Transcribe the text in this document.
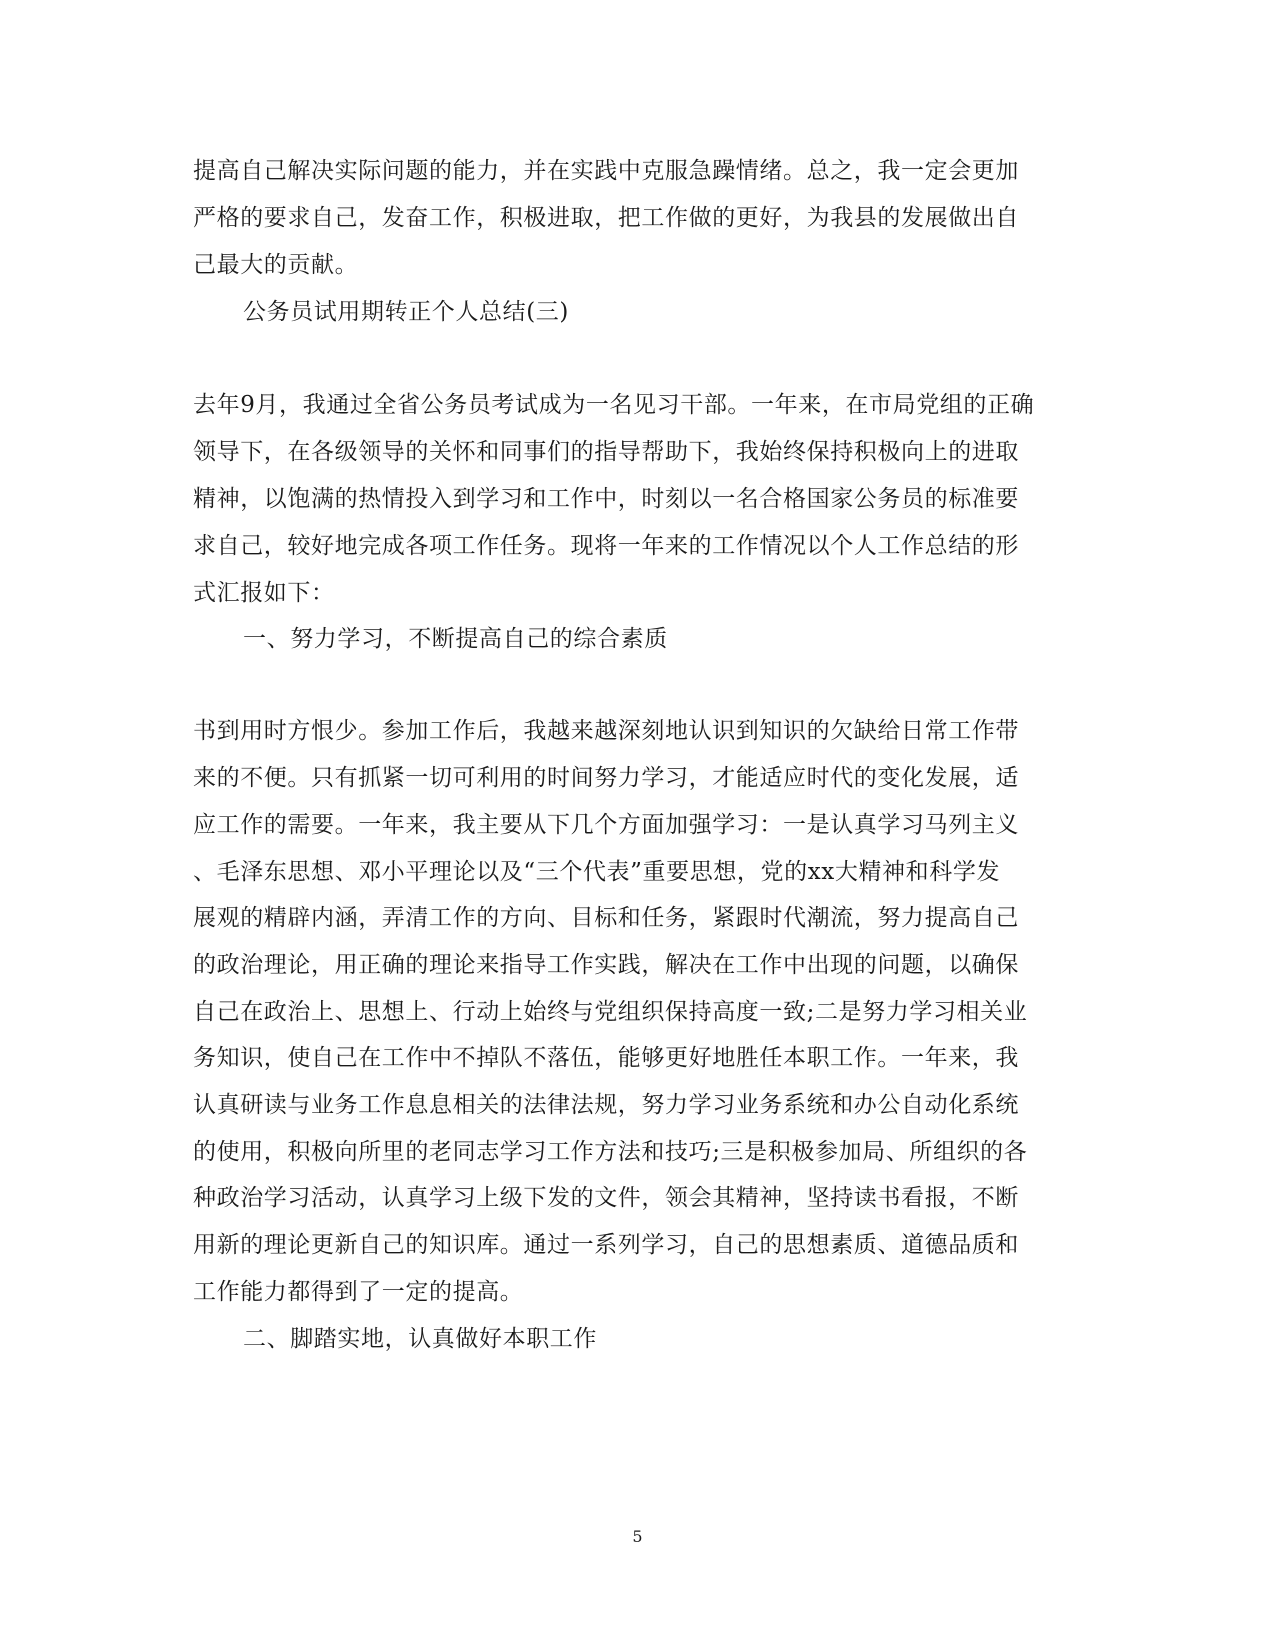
提高自己解决实际问题的能力，并在实践中克服急躁情绪。总之，我一定会更加
严格的要求自己，发奋工作，积极进取，把工作做的更好，为我县的发展做出自
己最大的贡献。
公务员试用期转正个人总结(三)
去年9月，我通过全省公务员考试成为一名见习干部。一年来，在市局党组的正确
领导下，在各级领导的关怀和同事们的指导帮助下，我始终保持积极向上的进取
精神，以饱满的热情投入到学习和工作中，时刻以一名合格国家公务员的标准要
求自己，较好地完成各项工作任务。现将一年来的工作情况以个人工作总结的形
式汇报如下：
一、努力学习，不断提高自己的综合素质
书到用时方恨少。参加工作后，我越来越深刻地认识到知识的欠缺给日常工作带
来的不便。只有抓紧一切可利用的时间努力学习，才能适应时代的变化发展，适
应工作的需要。一年来，我主要从下几个方面加强学习：一是认真学习马列主义
、毛泽东思想、邓小平理论以及“三个代表”重要思想，党的xx大精神和科学发
展观的精辟内涵，弄清工作的方向、目标和任务，紧跟时代潮流，努力提高自己
的政治理论，用正确的理论来指导工作实践，解决在工作中出现的问题，以确保
自己在政治上、思想上、行动上始终与党组织保持高度一致;二是努力学习相关业
务知识，使自己在工作中不掉队不落伍，能够更好地胜任本职工作。一年来，我
认真研读与业务工作息息相关的法律法规，努力学习业务系统和办公自动化系统
的使用，积极向所里的老同志学习工作方法和技巧;三是积极参加局、所组织的各
种政治学习活动，认真学习上级下发的文件，领会其精神，坚持读书看报，不断
用新的理论更新自己的知识库。通过一系列学习，自己的思想素质、道德品质和
工作能力都得到了一定的提高。
二、脚踏实地，认真做好本职工作
5
